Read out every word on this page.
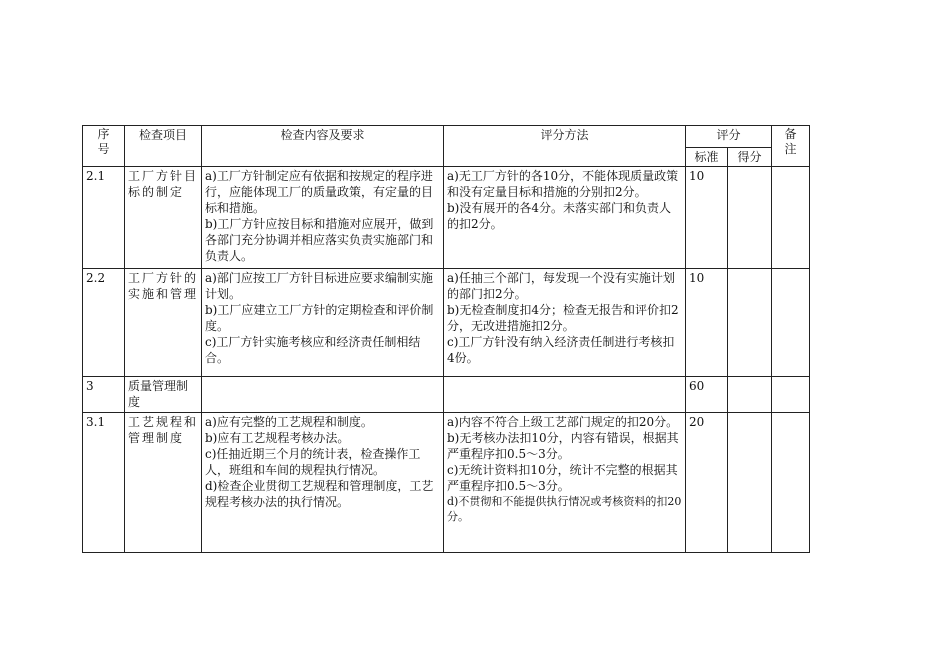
序
号	检查项目	检查内容及要求	评分方法	评分		备
注
				标准	得分	
2.1	工厂方针目标的制定	a)工厂方针制定应有依据和按规定的程序进行，应能体现工厂的质量政策，有定量的目标和措施。
b)工厂方针应按目标和措施对应展开，做到各部门充分协调并相应落实负责实施部门和负责人。	a)无工厂方针的各10分，不能体现质量政策和没有定量目标和措施的分别扣2分。
b)没有展开的各4分。未落实部门和负责人的扣2分。	10		
2.2	工厂方针的实施和管理	a)部门应按工厂方针目标进应要求编制实施计划。
b)工厂应建立工厂方针的定期检查和评价制度。
c)工厂方针实施考核应和经济责任制相结合。	a)任抽三个部门，每发现一个没有实施计划的部门扣2分。
b)无检查制度扣4分；检查无报告和评价扣2分，无改进措施扣2分。
c)工厂方针没有纳入经济责任制进行考核扣4份。	10		
3	质量管理制度			60		
3.1	工艺规程和管理制度	a)应有完整的工艺规程和制度。
b)应有工艺规程考核办法。
c)任抽近期三个月的统计表，检查操作工人，班组和车间的规程执行情况。
d)检查企业贯彻工艺规程和管理制度，工艺规程考核办法的执行情况。	a)内容不符合上级工艺部门规定的扣20分。
b)无考核办法扣10分，内容有错误，根据其严重程序扣0.5～3分。
c)无统计资料扣10分，统计不完整的根据其严重程序扣0.5～3分。
d)不贯彻和不能提供执行情况或考核资料的扣20分。	20		
